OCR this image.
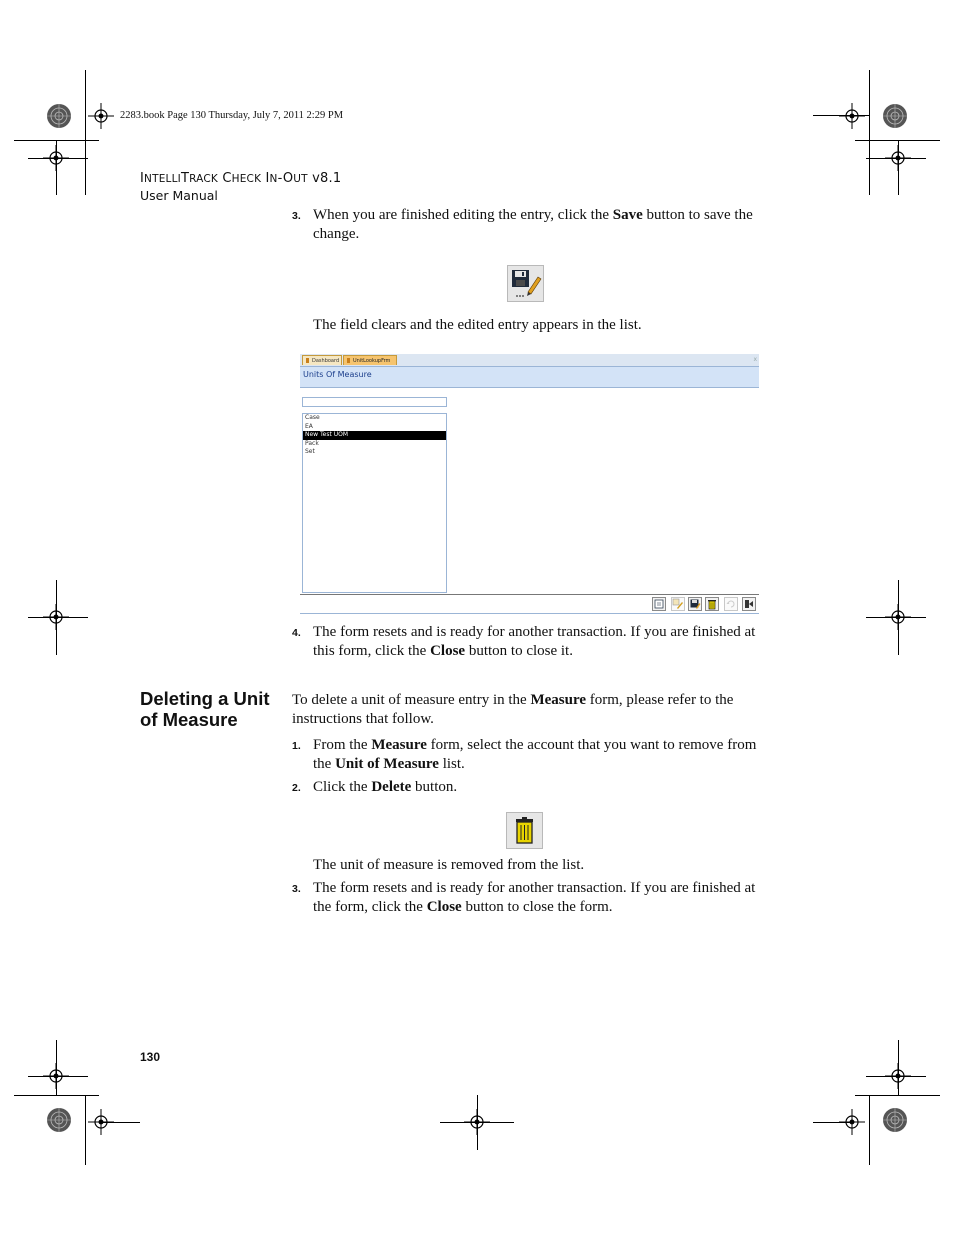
2283.book Page 130 Thursday, July 7, 2011 2:29 PM
INTELLITRACK CHECK IN-OUT v8.1
User Manual
3. When you are finished editing the entry, click the Save button to save the change.
The field clears and the edited entry appears in the list.
Dashboard	UnitLookupFrm	x
Units Of Measure
Case
EA
New Test UOM
Pack
Set
4. The form resets and is ready for another transaction. If you are finished at this form, click the Close button to close it.
Deleting a Unit of Measure
To delete a unit of measure entry in the Measure form, please refer to the instructions that follow.
1. From the Measure form, select the account that you want to remove from the Unit of Measure list.
2. Click the Delete button.
The unit of measure is removed from the list.
3. The form resets and is ready for another transaction. If you are finished at the form, click the Close button to close the form.
130
